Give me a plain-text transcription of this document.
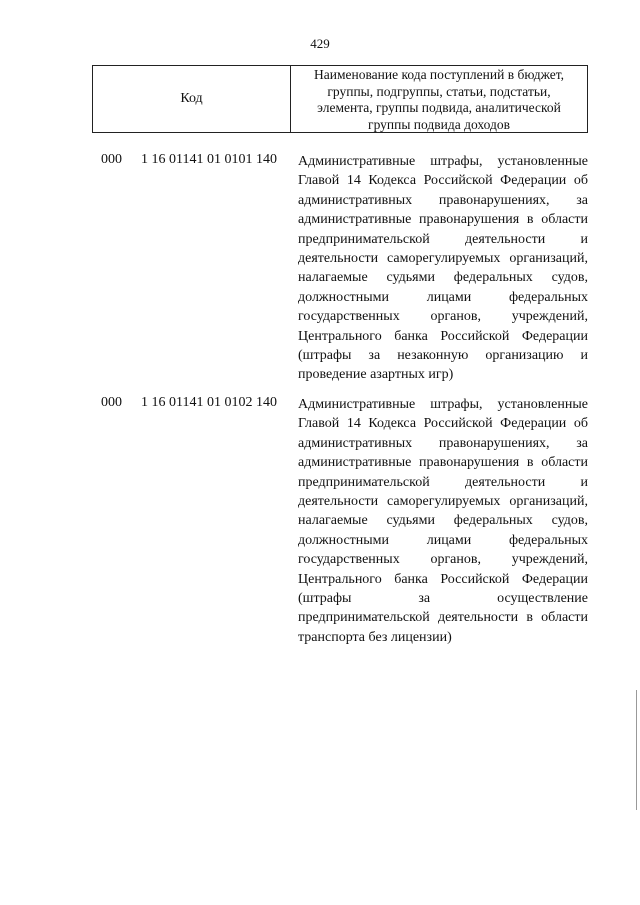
429
Код
Наименование кода поступлений в бюджет,
группы, подгруппы, статьи, подстатьи,
элемента, группы подвида, аналитической
группы подвида доходов
000 1 16 01141 01 0101 140 Административные штрафы, установленные
Главой 14 Кодекса Российской Федерации об
административных правонарушениях, за
административные правонарушения в области
предпринимательской деятельности и
деятельности саморегулируемых организаций,
налагаемые судьями федеральных судов,
должностными лицами федеральных
государственных органов, учреждений,
Центрального банка Российской Федерации
(штрафы за незаконную организацию и
проведение азартных игр)
000 1 16 01141 01 0102 140 Административные штрафы, установленные
Главой 14 Кодекса Российской Федерации об
административных правонарушениях, за
административные правонарушения в области
предпринимательской деятельности и
деятельности саморегулируемых организаций,
налагаемые судьями федеральных судов,
должностными лицами федеральных
государственных органов, учреждений,
Центрального банка Российской Федерации
(штрафы за осуществление
предпринимательской деятельности в области
транспорта без лицензии)
